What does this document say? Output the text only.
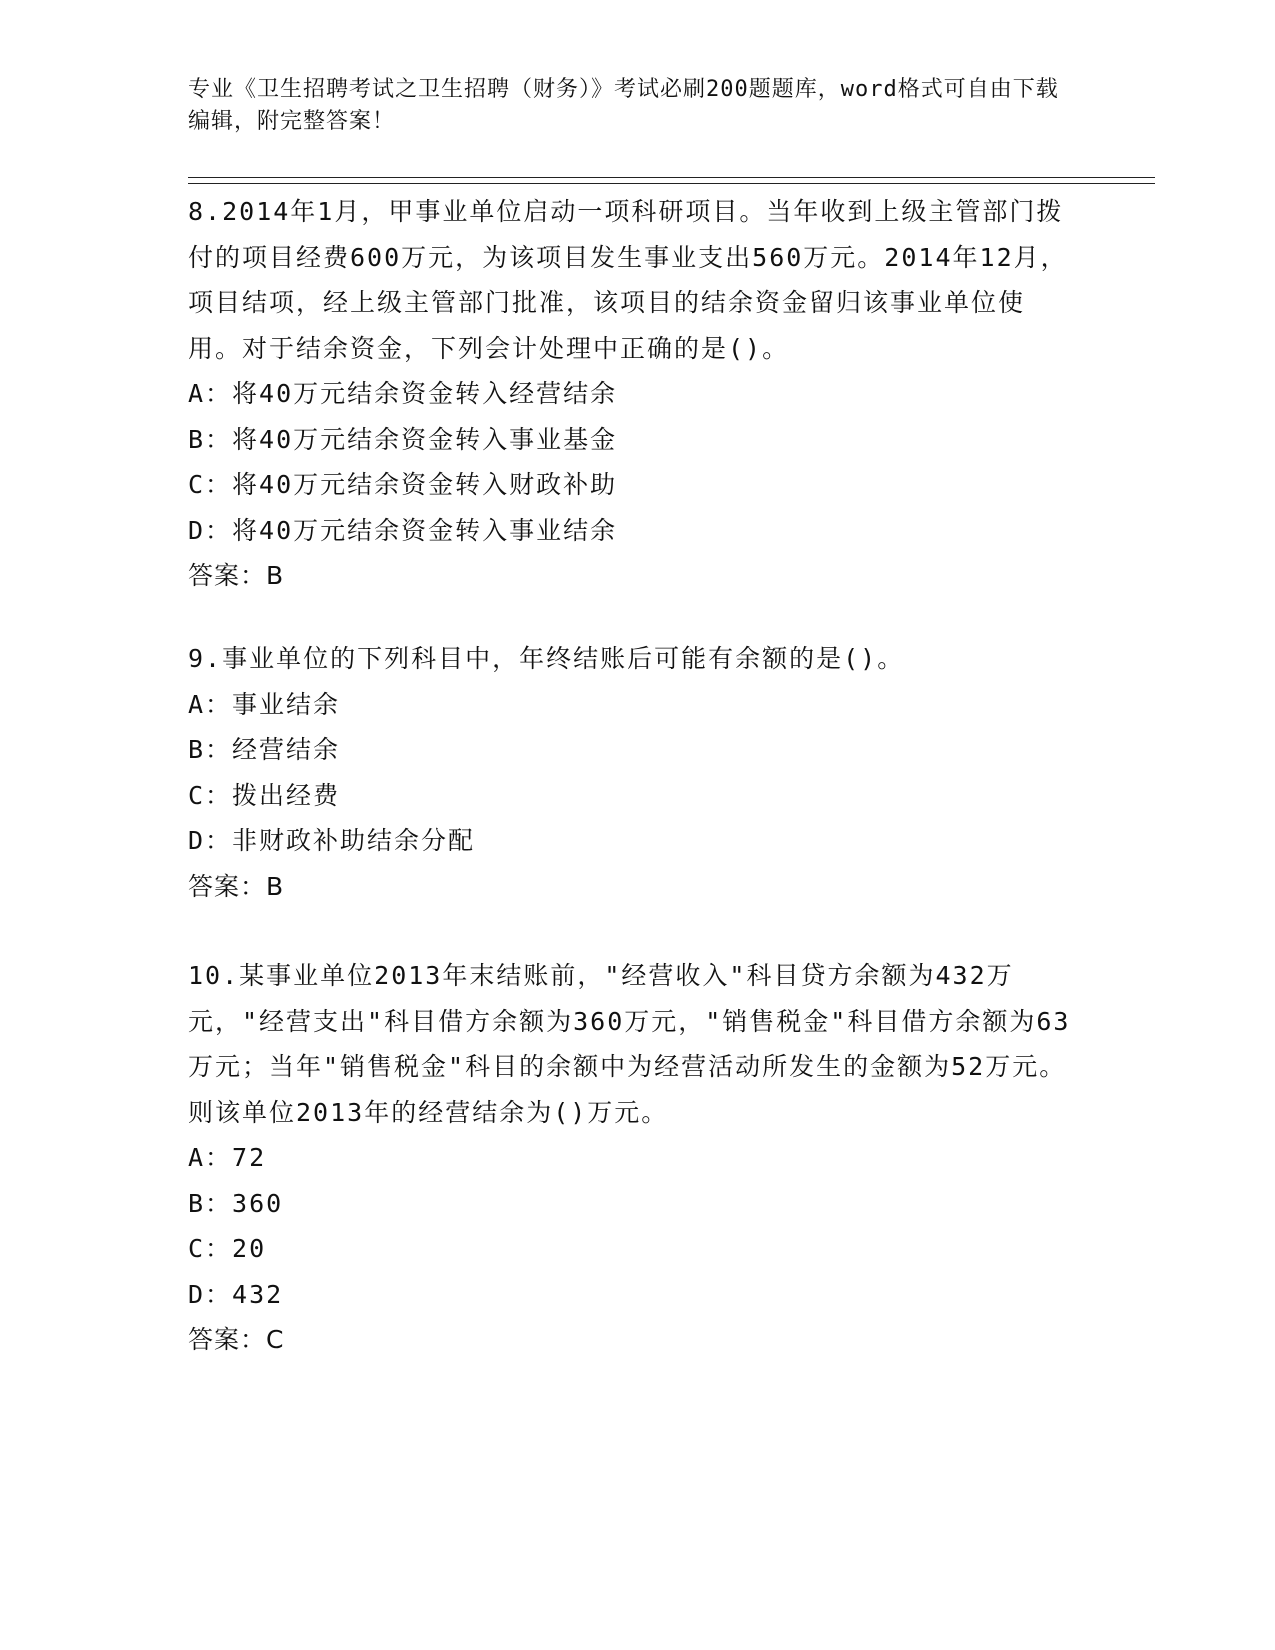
专业《卫生招聘考试之卫生招聘（财务）》考试必刷200题题库，word格式可自由下载编辑，附完整答案！

8.2014年1月，甲事业单位启动一项科研项目。当年收到上级主管部门拨付的项目经费600万元，为该项目发生事业支出560万元。2014年12月，项目结项，经上级主管部门批准，该项目的结余资金留归该事业单位使用。对于结余资金，下列会计处理中正确的是()。

A：将40万元结余资金转入经营结余
B：将40万元结余资金转入事业基金
C：将40万元结余资金转入财政补助
D：将40万元结余资金转入事业结余

答案：B

9.事业单位的下列科目中，年终结账后可能有余额的是()。

A：事业结余
B：经营结余
C：拨出经费
D：非财政补助结余分配

答案：B

10.某事业单位2013年末结账前，"经营收入"科目贷方余额为432万元，"经营支出"科目借方余额为360万元，"销售税金"科目借方余额为63万元；当年"销售税金"科目的余额中为经营活动所发生的金额为52万元。则该单位2013年的经营结余为()万元。

A：72
B：360
C：20
D：432

答案：C
